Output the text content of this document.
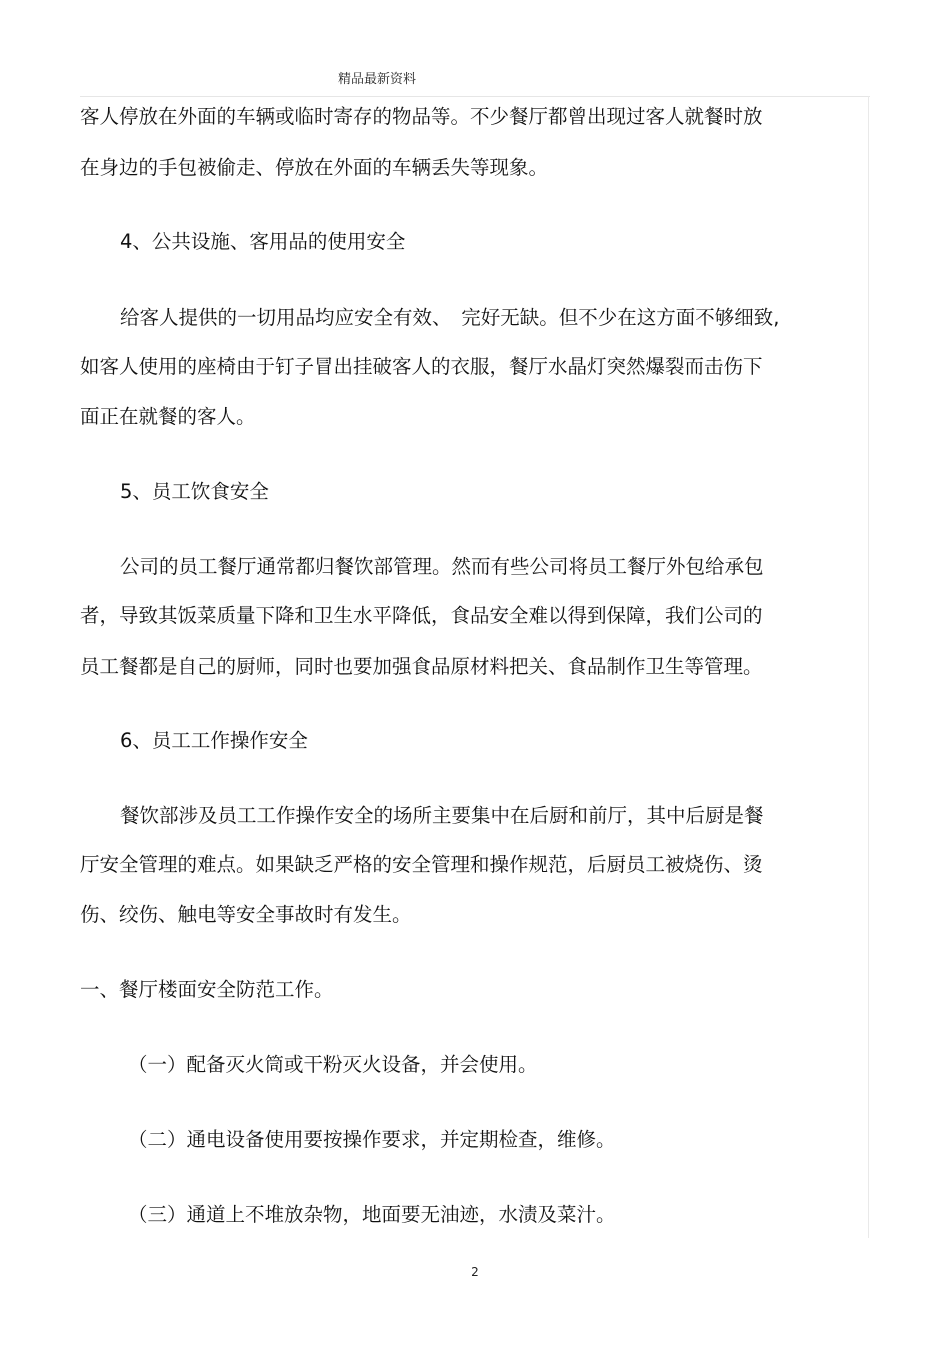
精品最新资料
客人停放在外面的车辆或临时寄存的物品等。不少餐厅都曾出现过客人就餐时放
在身边的手包被偷走、停放在外面的车辆丢失等现象。
4、公共设施、客用品的使用安全
给客人提供的一切用品均应安全有效、　完好无缺。但不少在这方面不够细致,
如客人使用的座椅由于钉子冒出挂破客人的衣服，餐厅水晶灯突然爆裂而击伤下
面正在就餐的客人。
5、员工饮食安全
公司的员工餐厅通常都归餐饮部管理。然而有些公司将员工餐厅外包给承包
者，导致其饭菜质量下降和卫生水平降低，食品安全难以得到保障，我们公司的
员工餐都是自己的厨师，同时也要加强食品原材料把关、食品制作卫生等管理。
6、员工工作操作安全
餐饮部涉及员工工作操作安全的场所主要集中在后厨和前厅，其中后厨是餐
厅安全管理的难点。如果缺乏严格的安全管理和操作规范，后厨员工被烧伤、烫
伤、绞伤、触电等安全事故时有发生。
一、餐厅楼面安全防范工作。
（一）配备灭火筒或干粉灭火设备，并会使用。
（二）通电设备使用要按操作要求，并定期检查，维修。
（三）通道上不堆放杂物，地面要无油迹，水渍及菜汁。
2
